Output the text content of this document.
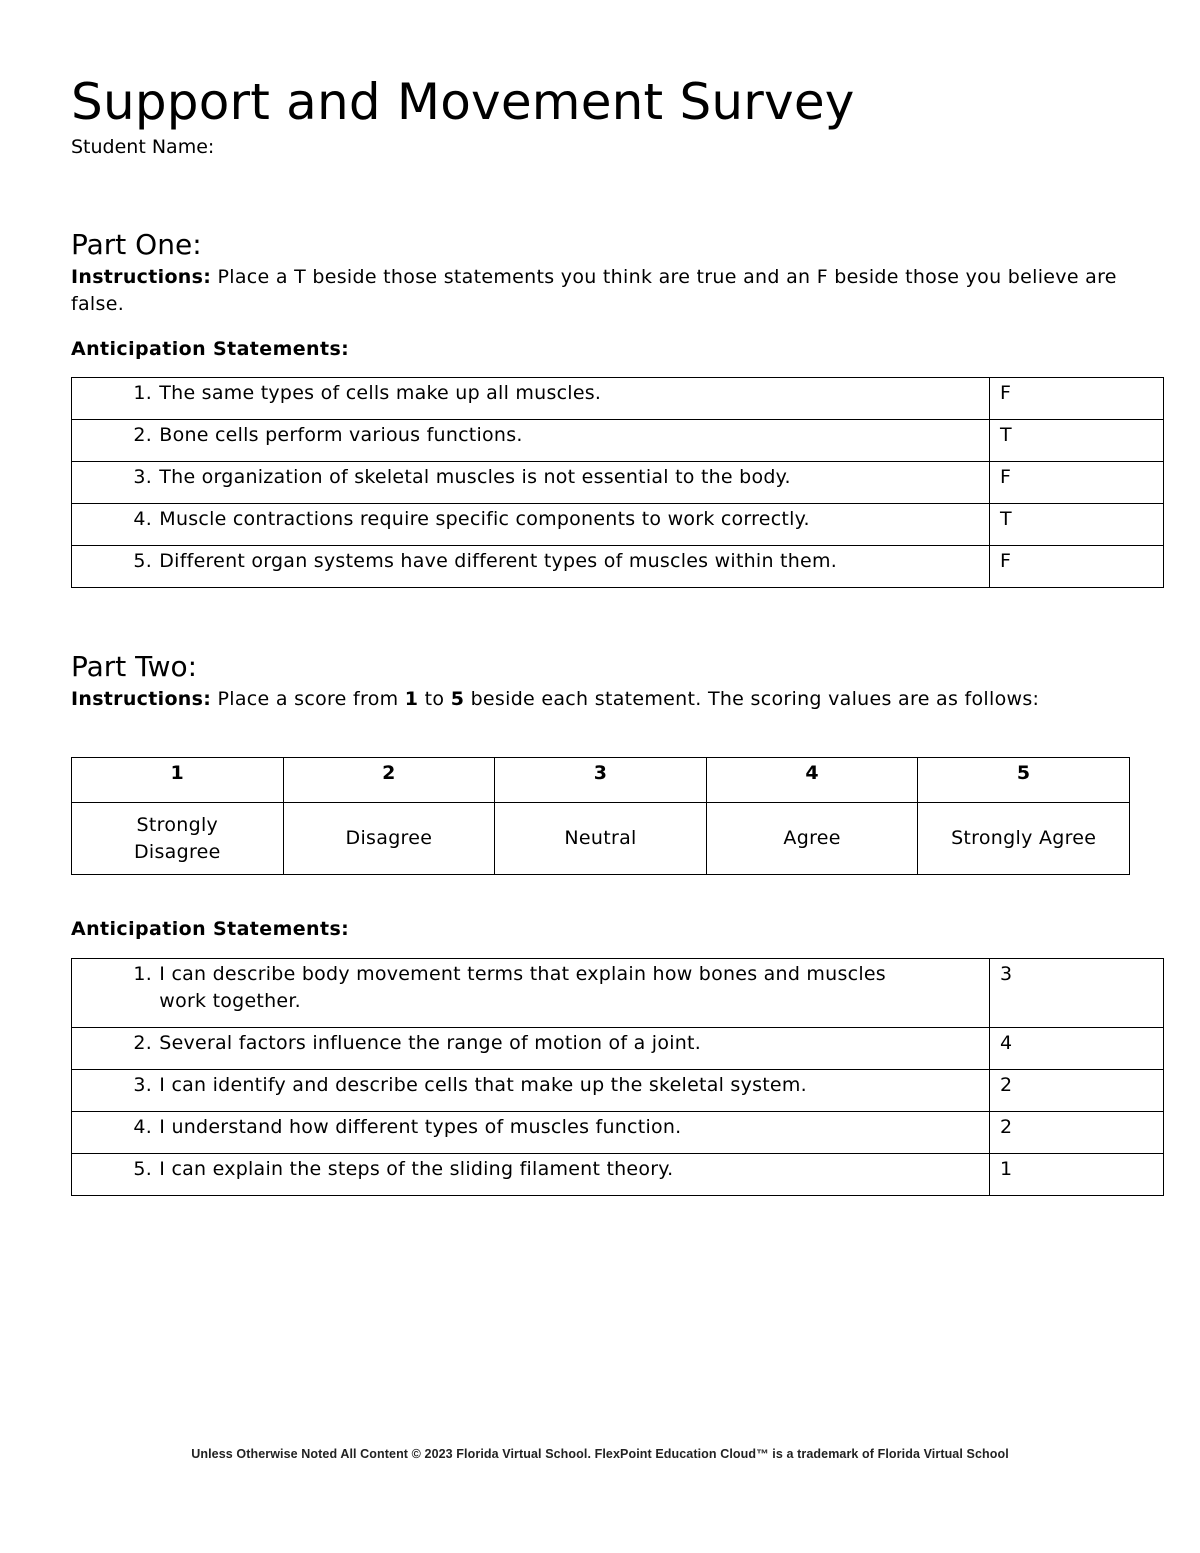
Support and Movement Survey
Student Name:
Part One:
Instructions: Place a T beside those statements you think are true and an F beside those you believe are false.
Anticipation Statements:
1. The same types of cells make up all muscles.	F
2. Bone cells perform various functions.	T
3. The organization of skeletal muscles is not essential to the body.	F
4. Muscle contractions require specific components to work correctly.	T
5. Different organ systems have different types of muscles within them.	F
Part Two:
Instructions: Place a score from 1 to 5 beside each statement. The scoring values are as follows:
1	2	3	4	5
Strongly Disagree	Disagree	Neutral	Agree	Strongly Agree
Anticipation Statements:
1. I can describe body movement terms that explain how bones and muscles work together.	3
2. Several factors influence the range of motion of a joint.	4
3. I can identify and describe cells that make up the skeletal system.	2
4. I understand how different types of muscles function.	2
5. I can explain the steps of the sliding filament theory.	1
Unless Otherwise Noted All Content © 2023 Florida Virtual School. FlexPoint Education Cloud™ is a trademark of Florida Virtual School
